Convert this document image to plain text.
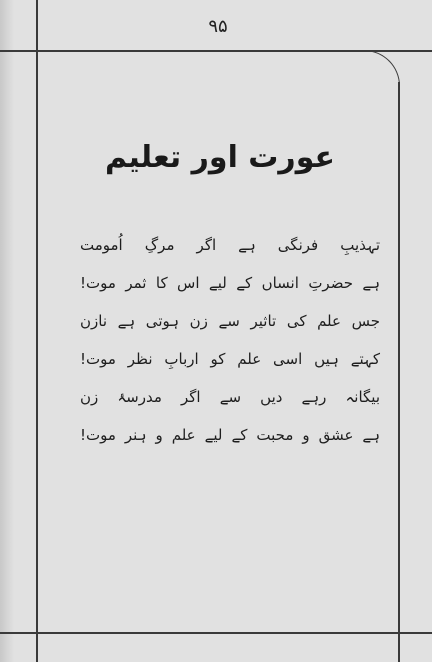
۹۵
عورت اور تعلیم
تہذیبِ فرنگی ہے اگر مرگِ اُمومت
ہے حضرتِ انساں کے لیے اس کا ثمر موت!
جس علم کی تاثیر سے زن ہوتی ہے نازن
کہتے ہیں اسی علم کو اربابِ نظر موت!
بیگانہ رہے دیں سے اگر مدرسۂ زن
ہے عشق و محبت کے لیے علم و ہنر موت!
